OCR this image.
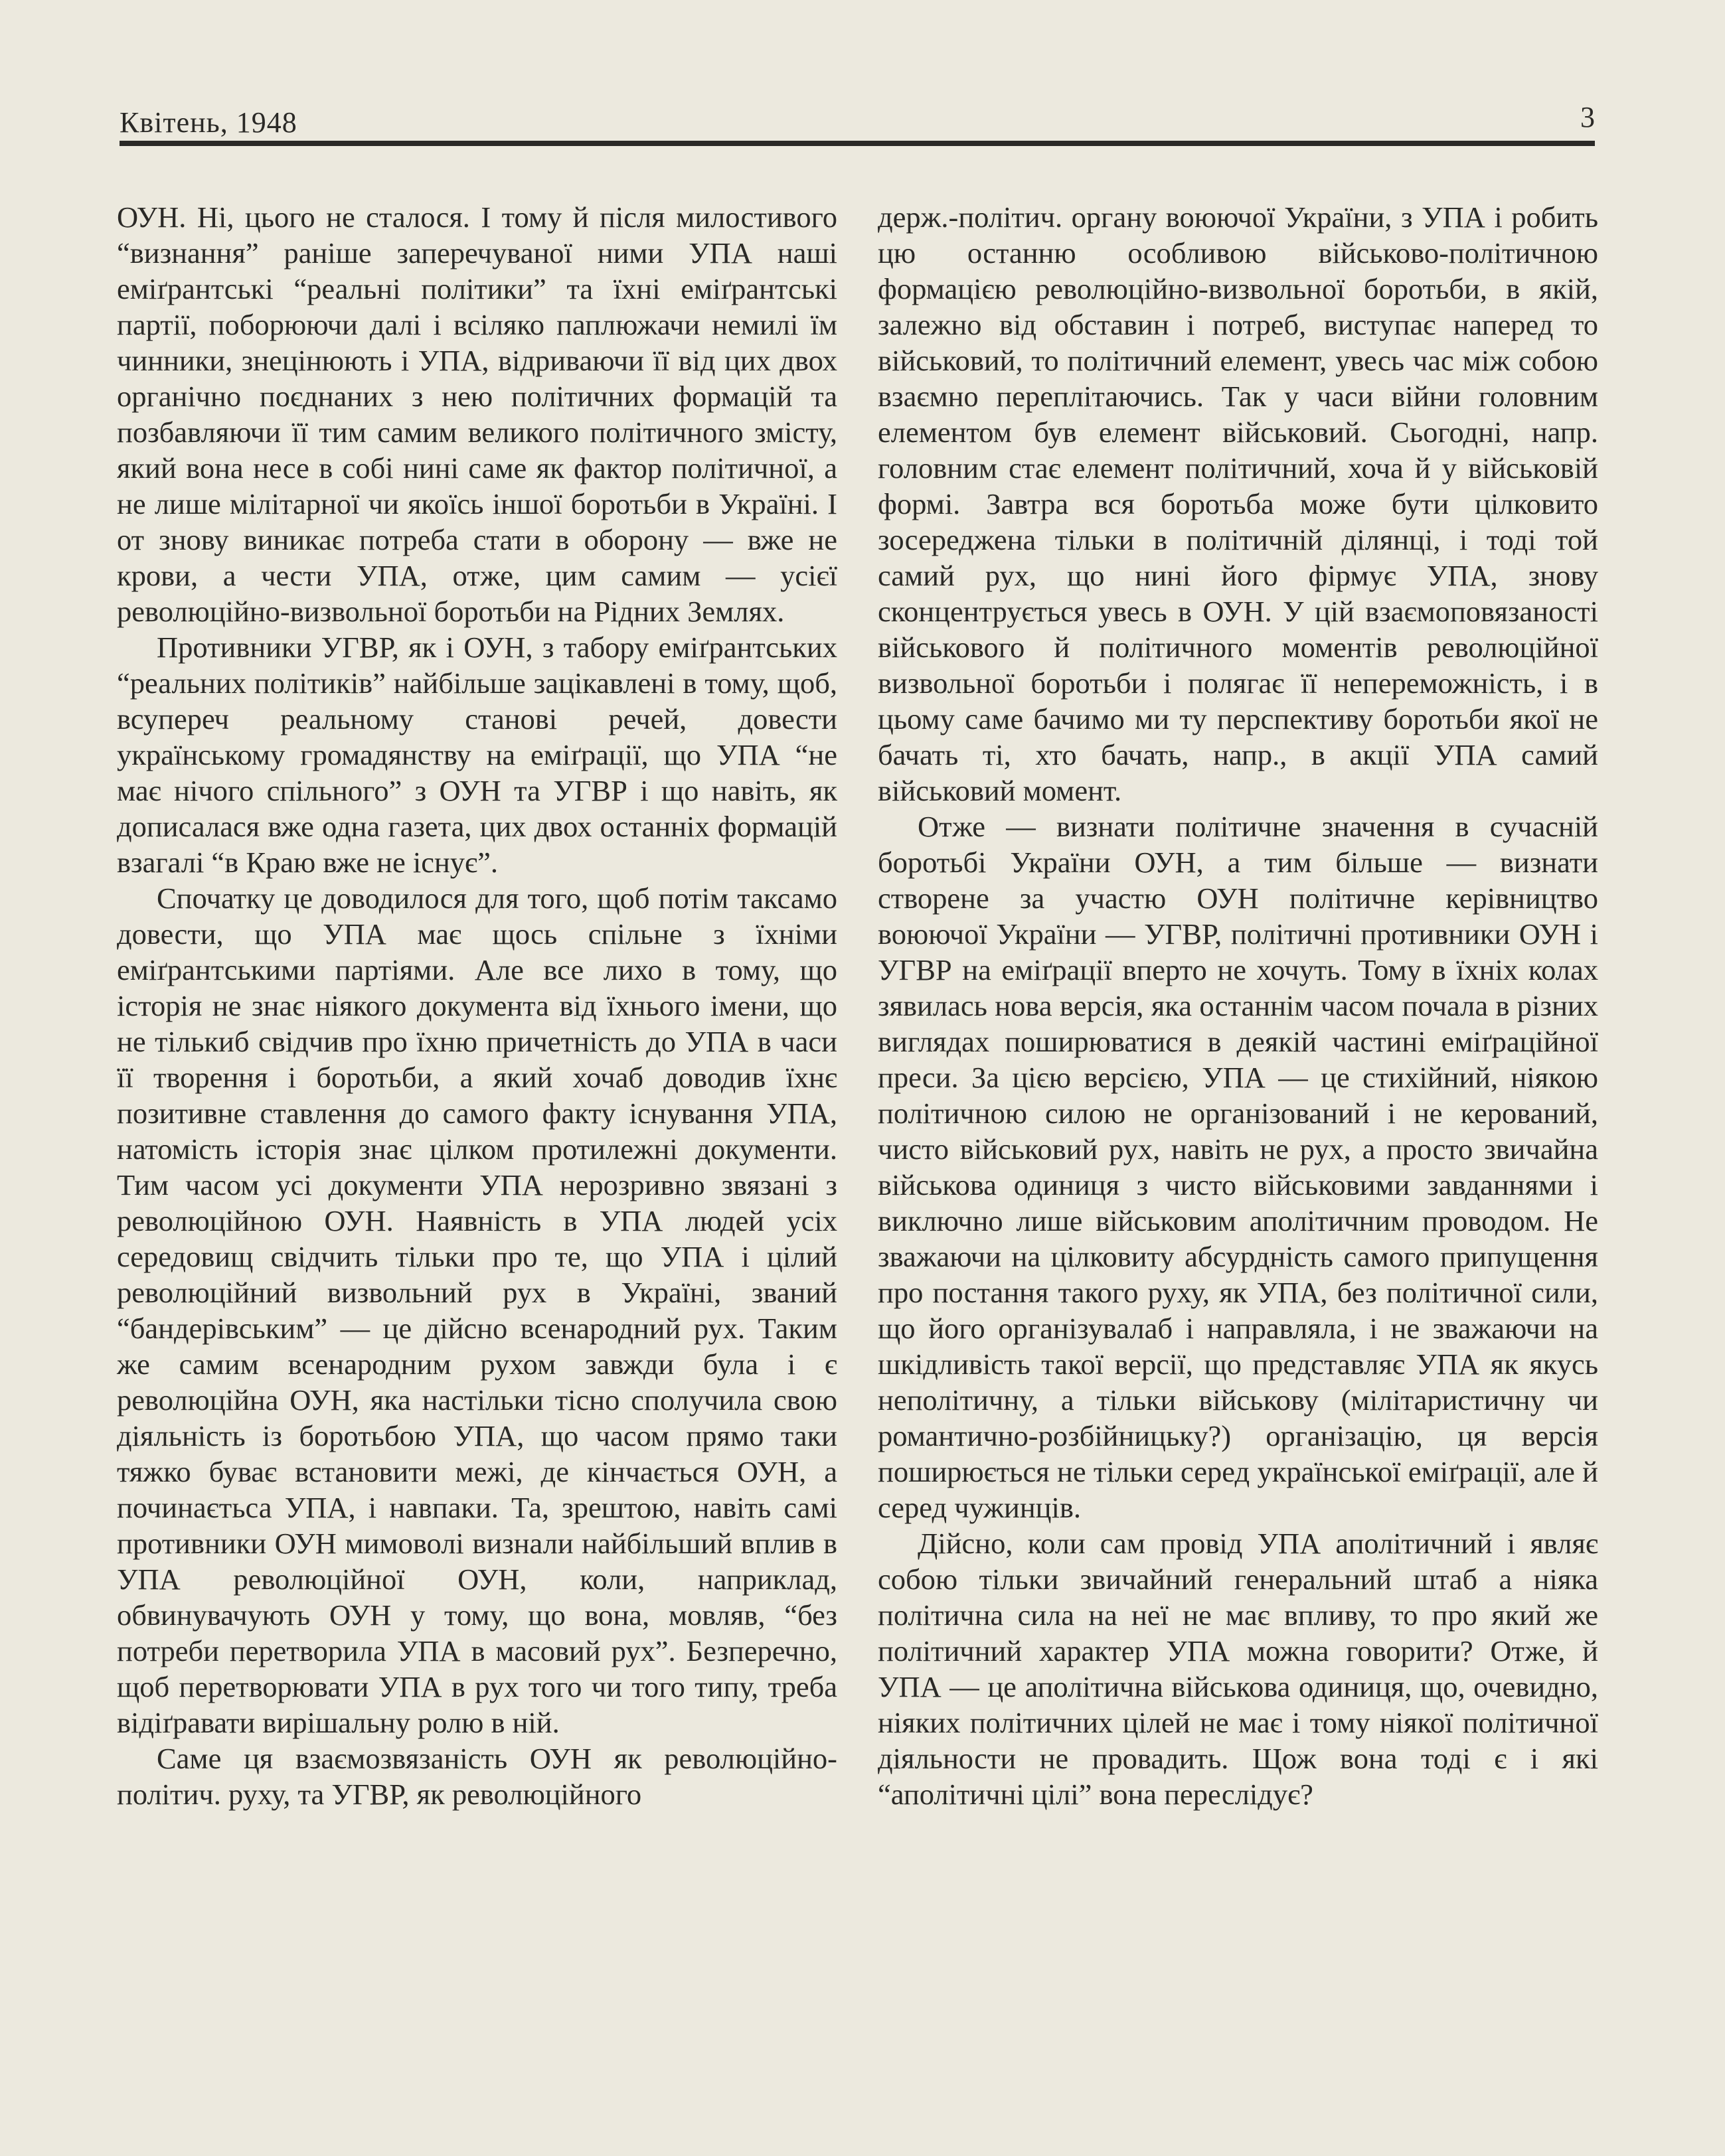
Квітень, 1948	3

ОУН. Ні, цього не сталося. І тому й після милостивого “визнання” раніше заперечуваної ними УПА наші еміґрантські “реальні політики” та їхні еміґрантські партії, поборюючи далі і всіляко паплюжачи немилі їм чинники, знецінюють і УПА, відриваючи її від цих двох органічно поєднаних з нею політичних формацій та позбавляючи її тим самим великого політичного змісту, який вона несе в собі нині саме як фактор політичної, а не лише мілітарної чи якоїсь іншої боротьби в Україні. І от знову виникає потреба стати в оборону — вже не крови, а чести УПА, отже, цим самим — усієї революційно-визвольної боротьби на Рідних Землях.

Противники УГВР, як і ОУН, з табору еміґрантських “реальних політиків” найбільше зацікавлені в тому, щоб, всупереч реальному станові речей, довести українському громадянству на еміґрації, що УПА “не має нічого спільного” з ОУН та УГВР і що навіть, як дописалася вже одна газета, цих двох останніх формацій взагалі “в Краю вже не існує”.

Спочатку це доводилося для того, щоб потім таксамо довести, що УПА має щось спільне з їхніми еміґрантськими партіями. Але все лихо в тому, що історія не знає ніякого документа від їхнього імени, що не тількиб свідчив про їхню причетність до УПА в часи її творення і боротьби, а який хочаб доводив їхнє позитивне ставлення до самого факту існування УПА, натомість історія знає цілком протилежні документи. Тим часом усі документи УПА нерозривно звязані з революційною ОУН. Наявність в УПА людей усіх середовищ свідчить тільки про те, що УПА і цілий революційний визвольний рух в Україні, званий “бандерівським” — це дійсно всенародний рух. Таким же самим всенародним рухом завжди була і є революційна ОУН, яка настільки тісно сполучила свою діяльність із боротьбою УПА, що часом прямо таки тяжко буває встановити межі, де кінчається ОУН, а починаєтьса УПА, і навпаки. Та, зрештою, навіть самі противники ОУН мимоволі визнали найбільший вплив в УПА революційної ОУН, коли, наприклад, обвинувачують ОУН у тому, що вона, мовляв, “без потреби перетворила УПА в масовий рух”. Безперечно, щоб перетворювати УПА в рух того чи того типу, треба відіґравати вирішальну ролю в ній.

Саме ця взаємозвязаність ОУН як революційно-політич. руху, та УГВР, як революційного

держ.-політич. органу воюючої України, з УПА і робить цю останню особливою військово-політичною формацією революційно-визвольної боротьби, в якій, залежно від обставин і потреб, виступає наперед то військовий, то політичний елемент, увесь час між собою взаємно переплітаючись. Так у часи війни головним елементом був елемент військовий. Сьогодні, напр. головним стає елемент політичний, хоча й у військовій формі. Завтра вся боротьба може бути цілковито зосереджена тільки в політичній ділянці, і тоді той самий рух, що нині його фірмує УПА, знову сконцентрується увесь в ОУН. У цій взаємоповязаності військового й політичного моментів революційної визвольної боротьби і полягає її непереможність, і в цьому саме бачимо ми ту перспективу боротьби якої не бачать ті, хто бачать, напр., в акції УПА самий військовий момент.

Отже — визнати політичне значення в сучасній боротьбі України ОУН, а тим більше — визнати створене за участю ОУН політичне керівництво воюючої України — УГВР, політичні противники ОУН і УГВР на еміґрації вперто не хочуть. Тому в їхніх колах зявилась нова версія, яка останнім часом почала в різних виглядах поширюватися в деякій частині еміґраційної преси. За цією версією, УПА — це стихійний, ніякою політичною силою не організований і не керований, чисто військовий рух, навіть не рух, а просто звичайна військова одиниця з чисто військовими завданнями і виключно лише військовим аполітичним проводом. Не зважаючи на цілковиту абсурдність самого припущення про постання такого руху, як УПА, без політичної сили, що його організувалаб і направляла, і не зважаючи на шкідливість такої версії, що представляє УПА як якусь неполітичну, а тільки військову (мілітаристичну чи романтично-розбійницьку?) організацію, ця версія поширюється не тільки серед української еміґрації, але й серед чужинців.

Дійсно, коли сам провід УПА аполітичний і являє собою тільки звичайний генеральний штаб а ніяка політична сила на неї не має впливу, то про який же політичний характер УПА можна говорити? Отже, й УПА — це аполітична військова одиниця, що, очевидно, ніяких політичних цілей не має і тому ніякої політичної діяльности не провадить. Щож вона тоді є і які “аполітичні цілі” вона переслідує?
